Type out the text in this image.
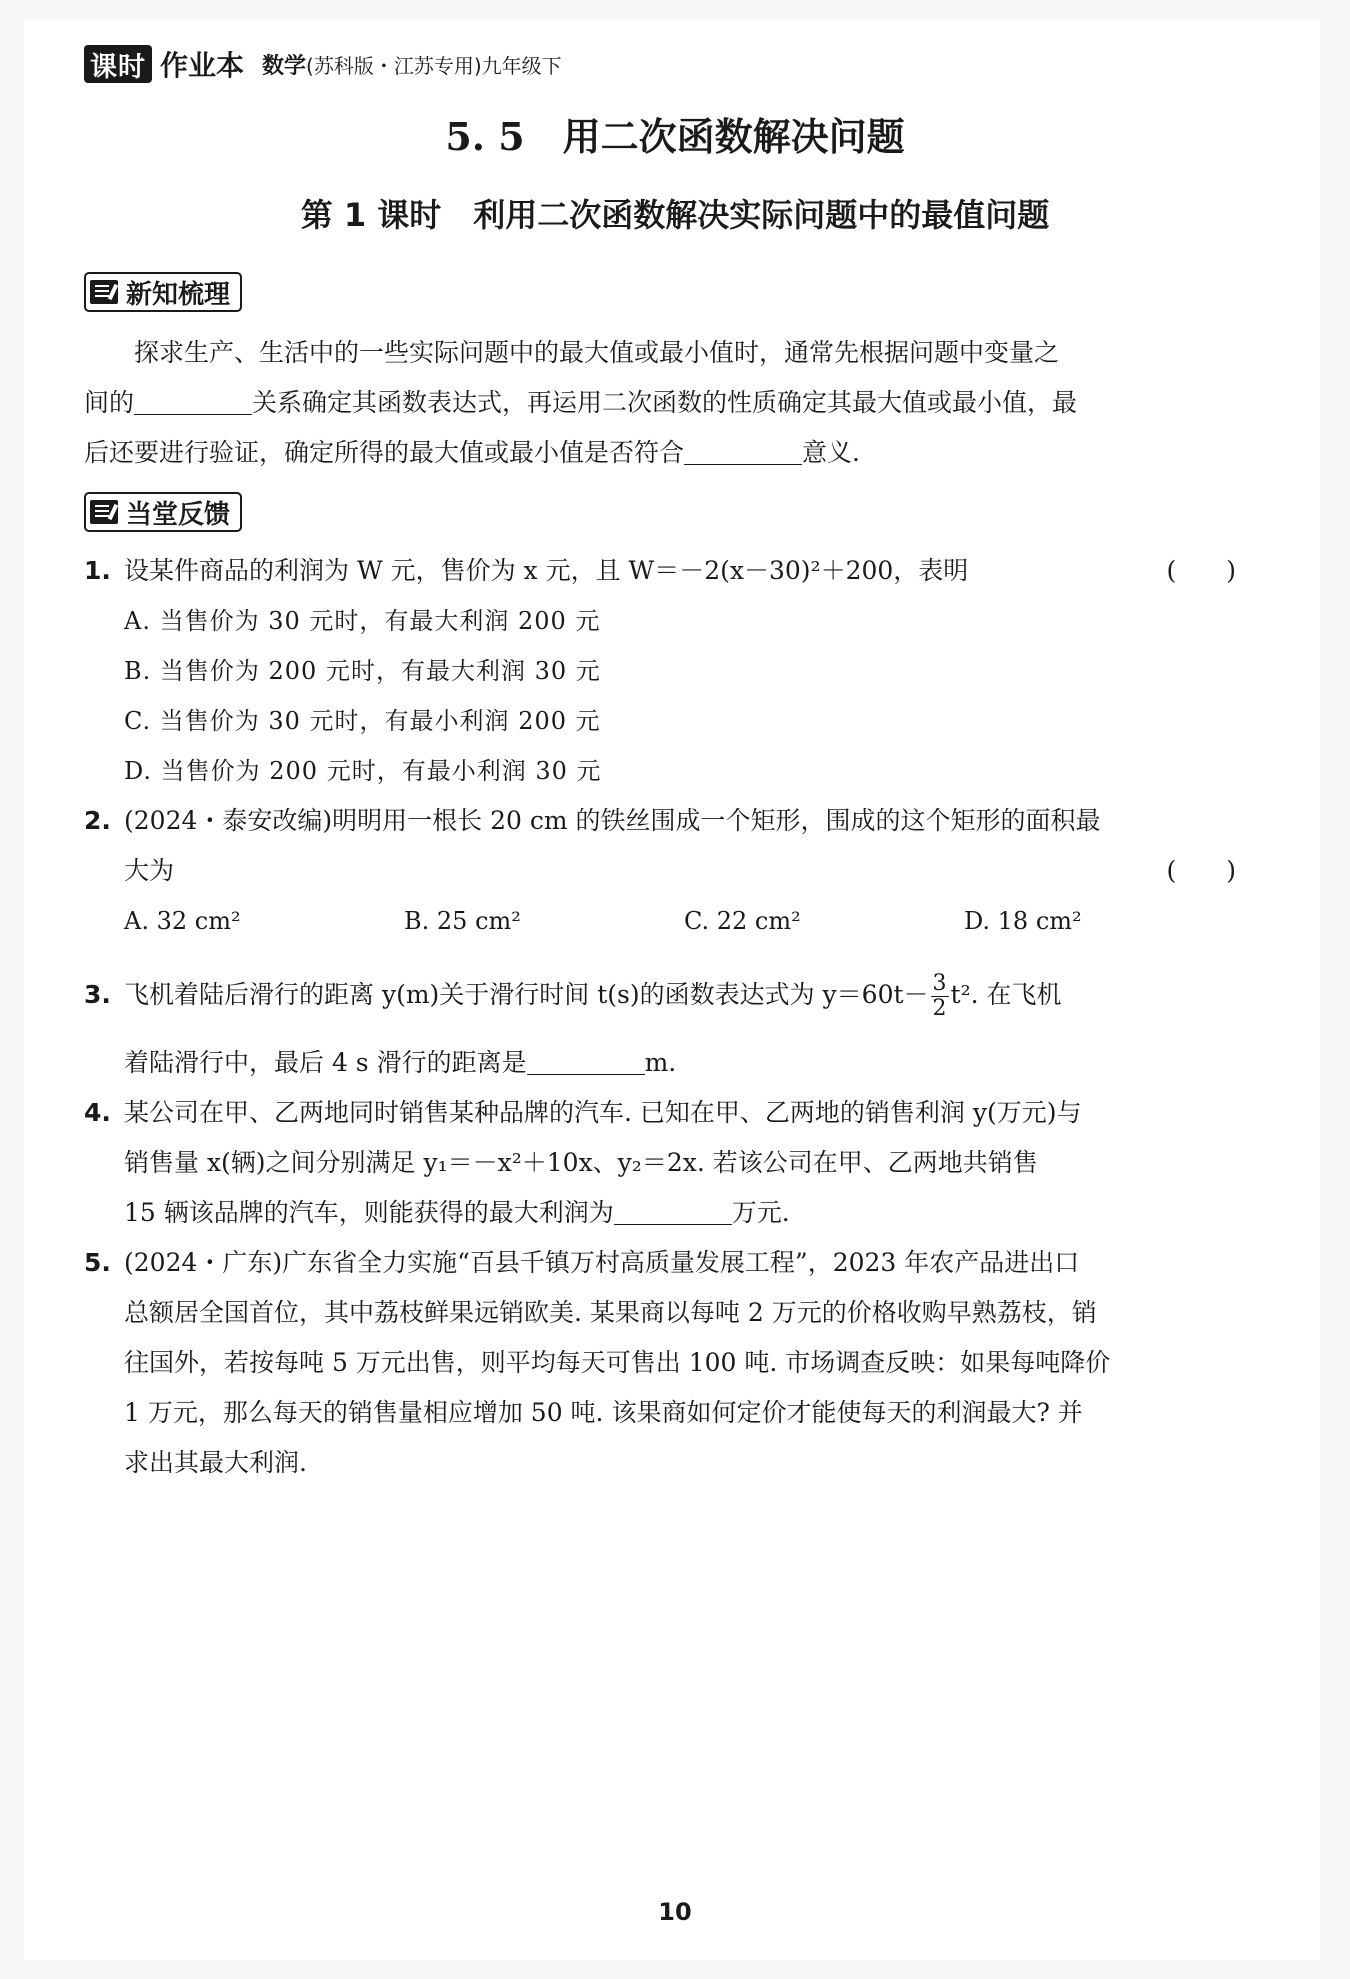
课时 作业本 数学(苏科版・江苏专用)九年级下
5. 5　用二次函数解决问题
第 1 课时　利用二次函数解决实际问题中的最值问题
新知梳理
探求生产、生活中的一些实际问题中的最大值或最小值时，通常先根据问题中变量之
间的	关系确定其函数表达式，再运用二次函数的性质确定其最大值或最小值，最
后还要进行验证，确定所得的最大值或最小值是否符合	意义.
当堂反馈
1. 设某件商品的利润为 W 元，售价为 x 元，且 W＝－2(x－30)²＋200，表明	(　　)
A. 当售价为 30 元时，有最大利润 200 元
B. 当售价为 200 元时，有最大利润 30 元
C. 当售价为 30 元时，有最小利润 200 元
D. 当售价为 200 元时，有最小利润 30 元
2. (2024・泰安改编)明明用一根长 20 cm 的铁丝围成一个矩形，围成的这个矩形的面积最
大为	(　　)
A. 32 cm²	B. 25 cm²	C. 22 cm²	D. 18 cm²
3. 飞机着陆后滑行的距离 y(m)关于滑行时间 t(s)的函数表达式为 $y=60t- \frac{3}{2} t^2$. 在飞机
着陆滑行中，最后 4 s 滑行的距离是	m.
4. 某公司在甲、乙两地同时销售某种品牌的汽车. 已知在甲、乙两地的销售利润 y(万元)与
销售量 x(辆)之间分别满足 y₁＝－x²＋10x、y₂＝2x. 若该公司在甲、乙两地共销售
15 辆该品牌的汽车，则能获得的最大利润为	万元.
5. (2024・广东)广东省全力实施“百县千镇万村高质量发展工程”，2023 年农产品进出口
总额居全国首位，其中荔枝鲜果远销欧美. 某果商以每吨 2 万元的价格收购早熟荔枝，销
往国外，若按每吨 5 万元出售，则平均每天可售出 100 吨. 市场调查反映：如果每吨降价
1 万元，那么每天的销售量相应增加 50 吨. 该果商如何定价才能使每天的利润最大? 并
求出其最大利润.
10
